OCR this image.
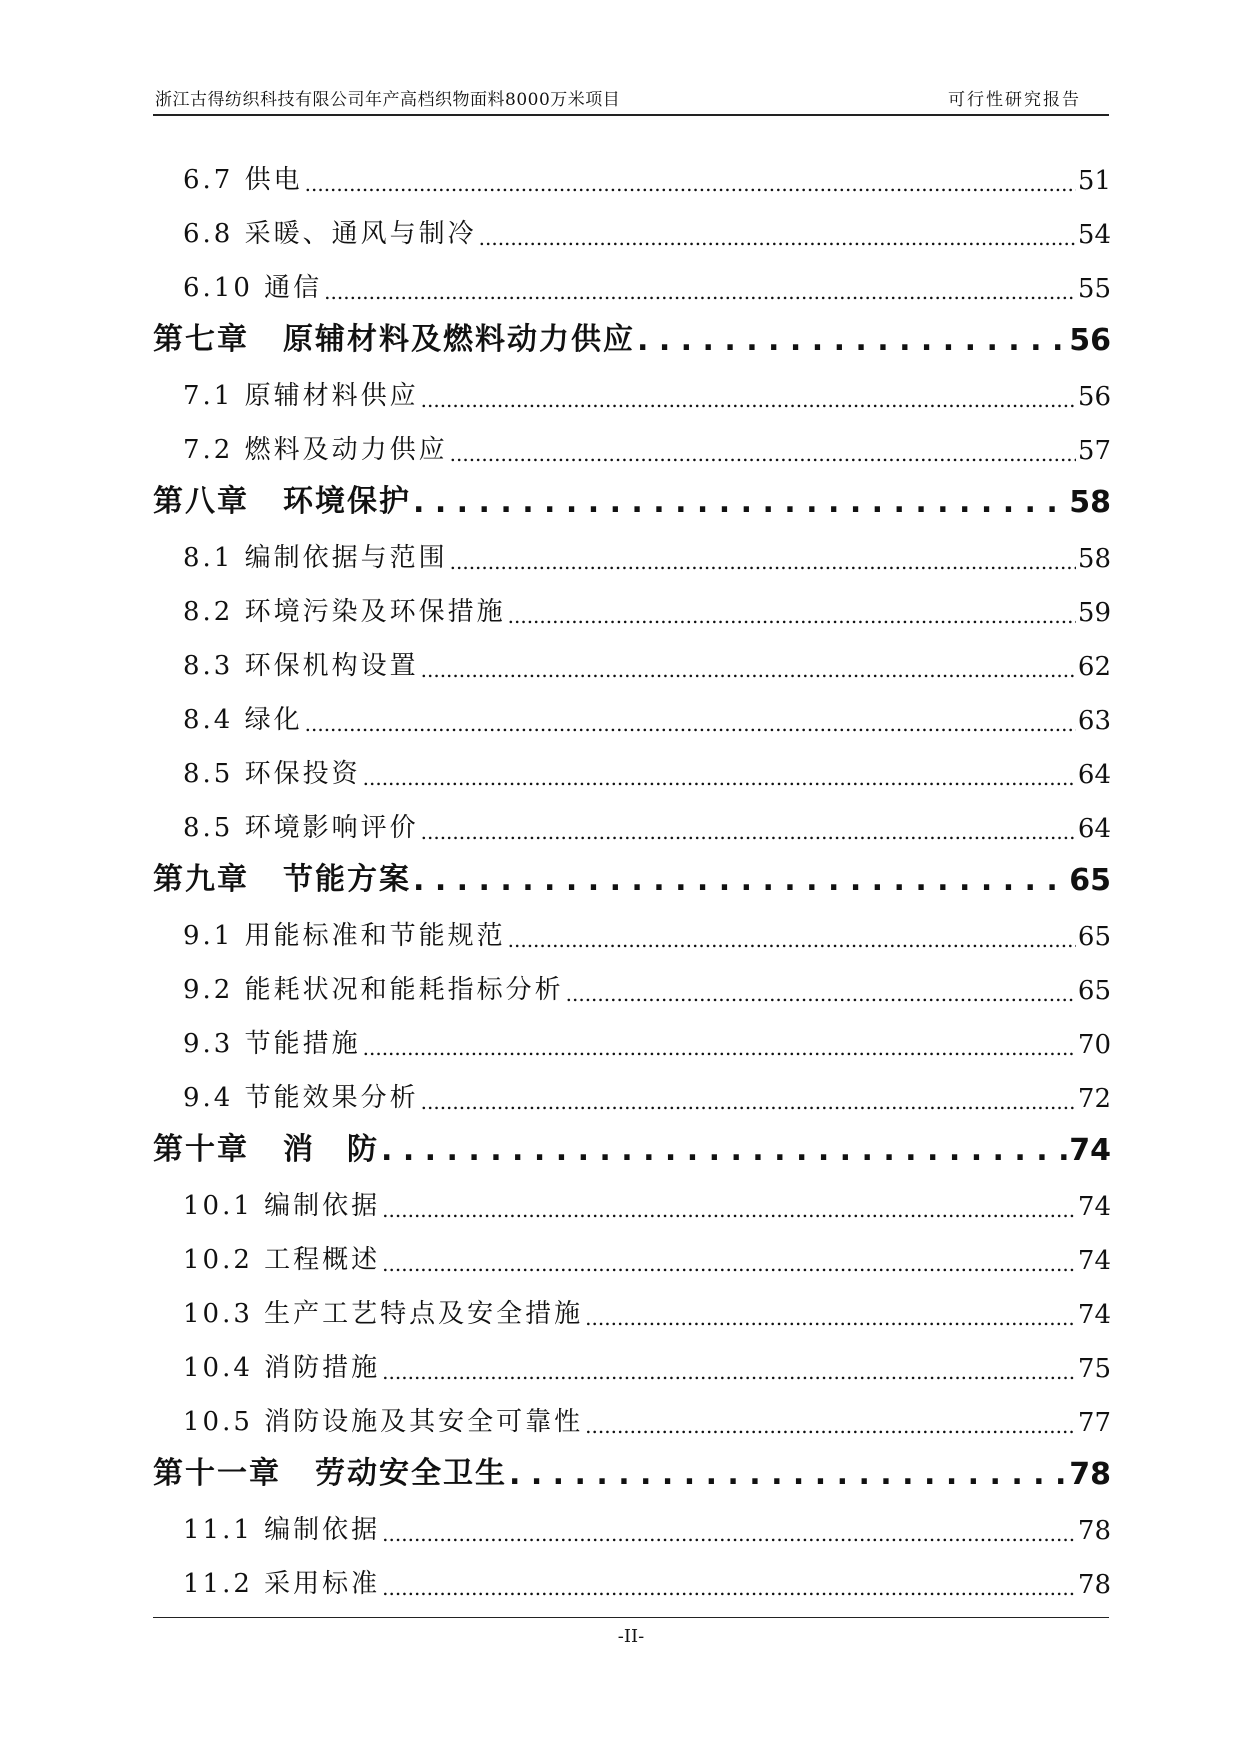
浙江古得纺织科技有限公司年产高档织物面料8000万米项目	可行性研究报告
6.7 供电 .....	51
6.8 采暖、通风与制冷 .....	54
6.10 通信 .....	55
第七章 原辅材料及燃料动力供应 . . .	56
7.1 原辅材料供应 .....	56
7.2 燃料及动力供应 .....	57
第八章 环境保护 . . .	58
8.1 编制依据与范围 .....	58
8.2 环境污染及环保措施 .....	59
8.3 环保机构设置 .....	62
8.4 绿化 .....	63
8.5 环保投资 .....	64
8.5 环境影响评价 .....	64
第九章 节能方案 . . .	65
9.1 用能标准和节能规范 .....	65
9.2 能耗状况和能耗指标分析 .....	65
9.3 节能措施 .....	70
9.4 节能效果分析 .....	72
第十章 消　防 . . .	74
10.1 编制依据 .....	74
10.2 工程概述 .....	74
10.3 生产工艺特点及安全措施 .....	74
10.4 消防措施 .....	75
10.5 消防设施及其安全可靠性 .....	77
第十一章 劳动安全卫生 . . .	78
11.1 编制依据 .....	78
11.2 采用标准 .....	78
-II-
